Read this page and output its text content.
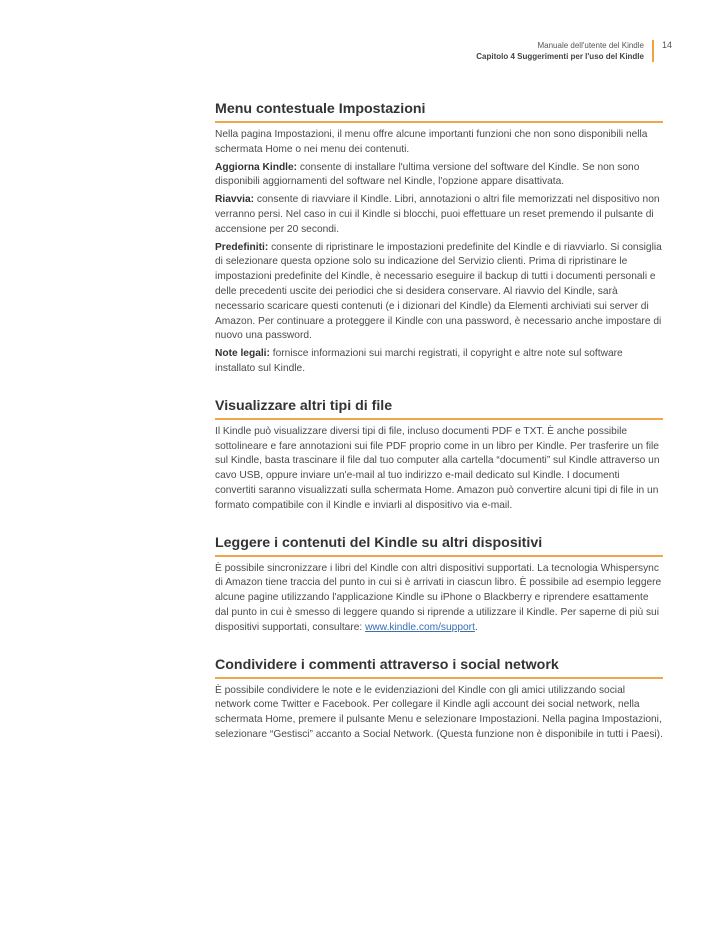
Manuale dell'utente del Kindle
Capitolo 4 Suggerimenti per l'uso del Kindle
14
Menu contestuale Impostazioni

Nella pagina Impostazioni, il menu offre alcune importanti funzioni che non sono disponibili nella schermata Home o nei menu dei contenuti.

Aggiorna Kindle: consente di installare l'ultima versione del software del Kindle. Se non sono disponibili aggiornamenti del software nel Kindle, l'opzione appare disattivata.

Riavvia: consente di riavviare il Kindle. Libri, annotazioni o altri file memorizzati nel dispositivo non verranno persi. Nel caso in cui il Kindle si blocchi, puoi effettuare un reset premendo il pulsante di accensione per 20 secondi.

Predefiniti: consente di ripristinare le impostazioni predefinite del Kindle e di riavviarlo. Si consiglia di selezionare questa opzione solo su indicazione del Servizio clienti. Prima di ripristinare le impostazioni predefinite del Kindle, è necessario eseguire il backup di tutti i documenti personali e delle precedenti uscite dei periodici che si desidera conservare. Al riavvio del Kindle, sarà necessario scaricare questi contenuti (e i dizionari del Kindle) da Elementi archiviati sui server di Amazon. Per continuare a proteggere il Kindle con una password, è necessario anche impostare di nuovo una password.

Note legali: fornisce informazioni sui marchi registrati, il copyright e altre note sul software installato sul Kindle.

Visualizzare altri tipi di file

Il Kindle può visualizzare diversi tipi di file, incluso documenti PDF e TXT. È anche possibile sottolineare e fare annotazioni sui file PDF proprio come in un libro per Kindle. Per trasferire un file sul Kindle, basta trascinare il file dal tuo computer alla cartella “documenti” sul Kindle attraverso un cavo USB, oppure inviare un'e-mail al tuo indirizzo e-mail dedicato sul Kindle. I documenti convertiti saranno visualizzati sulla schermata Home. Amazon può convertire alcuni tipi di file in un formato compatibile con il Kindle e inviarli al dispositivo via e-mail.

Leggere i contenuti del Kindle su altri dispositivi

È possibile sincronizzare i libri del Kindle con altri dispositivi supportati. La tecnologia Whispersync di Amazon tiene traccia del punto in cui si è arrivati in ciascun libro. È possibile ad esempio leggere alcune pagine utilizzando l'applicazione Kindle su iPhone o Blackberry e riprendere esattamente dal punto in cui è smesso di leggere quando si riprende a utilizzare il Kindle. Per saperne di più sui dispositivi supportati, consultare: www.kindle.com/support.

Condividere i commenti attraverso i social network

È possibile condividere le note e le evidenziazioni del Kindle con gli amici utilizzando social network come Twitter e Facebook. Per collegare il Kindle agli account dei social network, nella schermata Home, premere il pulsante Menu e selezionare Impostazioni. Nella pagina Impostazioni, selezionare “Gestisci” accanto a Social Network. (Questa funzione non è disponibile in tutti i Paesi).
